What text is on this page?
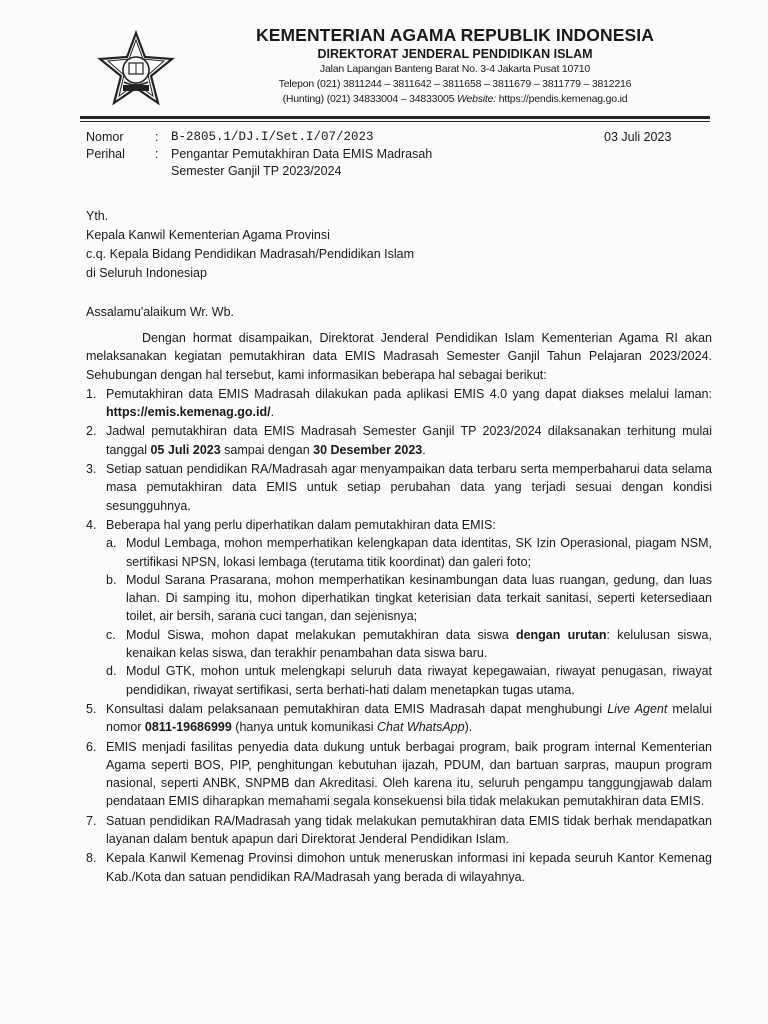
KEMENTERIAN AGAMA REPUBLIK INDONESIA
DIREKTORAT JENDERAL PENDIDIKAN ISLAM
Jalan Lapangan Banteng Barat No. 3-4 Jakarta Pusat 10710
Telepon (021) 3811244 – 3811642 – 3811658 – 3811679 – 3811779 – 3812216
(Hunting) (021) 34833004 – 34833005 Website: https://pendis.kemenag.go.id
Nomor	:	B-2805.1/DJ.I/Set.I/07/2023
Perihal	:	Pengantar Pemutakhiran Data EMIS Madrasah
Semester Ganjil TP 2023/2024
03 Juli 2023

Yth.

Kepala Kanwil Kementerian Agama Provinsi

c.q. Kepala Bidang Pendidikan Madrasah/Pendidikan Islam

di Seluruh Indonesiap

Assalamu'alaikum Wr. Wb.

Dengan hormat disampaikan, Direktorat Jenderal Pendidikan Islam Kementerian Agama RI akan melaksanakan kegiatan pemutakhiran data EMIS Madrasah Semester Ganjil Tahun Pelajaran 2023/2024. Sehubungan dengan hal tersebut, kami informasikan beberapa hal sebagai berikut:

1. Pemutakhiran data EMIS Madrasah dilakukan pada aplikasi EMIS 4.0 yang dapat diakses melalui laman: https://emis.kemenag.go.id/.
2. Jadwal pemutakhiran data EMIS Madrasah Semester Ganjil TP 2023/2024 dilaksanakan terhitung mulai tanggal 05 Juli 2023 sampai dengan 30 Desember 2023.
3. Setiap satuan pendidikan RA/Madrasah agar menyampaikan data terbaru serta memperbaharui data selama masa pemutakhiran data EMIS untuk setiap perubahan data yang terjadi sesuai dengan kondisi sesungguhnya.
4. Beberapa hal yang perlu diperhatikan dalam pemutakhiran data EMIS:
a. Modul Lembaga, mohon memperhatikan kelengkapan data identitas, SK Izin Operasional, piagam NSM, sertifikasi NPSN, lokasi lembaga (terutama titik koordinat) dan galeri foto;
b. Modul Sarana Prasarana, mohon memperhatikan kesinambungan data luas ruangan, gedung, dan luas lahan. Di samping itu, mohon diperhatikan tingkat keterisian data terkait sanitasi, seperti ketersediaan toilet, air bersih, sarana cuci tangan, dan sejenisnya;
c. Modul Siswa, mohon dapat melakukan pemutakhiran data siswa dengan urutan: kelulusan siswa, kenaikan kelas siswa, dan terakhir penambahan data siswa baru.
d. Modul GTK, mohon untuk melengkapi seluruh data riwayat kepegawaian, riwayat penugasan, riwayat pendidikan, riwayat sertifikasi, serta berhati-hati dalam menetapkan tugas utama.
5. Konsultasi dalam pelaksanaan pemutakhiran data EMIS Madrasah dapat menghubungi Live Agent melalui nomor 0811-19686999 (hanya untuk komunikasi Chat WhatsApp).
6. EMIS menjadi fasilitas penyedia data dukung untuk berbagai program, baik program internal Kementerian Agama seperti BOS, PIP, penghitungan kebutuhan ijazah, PDUM, dan bartuan sarpras, maupun program nasional, seperti ANBK, SNPMB dan Akreditasi. Oleh karena itu, seluruh pengampu tanggungjawab dalam pendataan EMIS diharapkan memahami segala konsekuensi bila tidak melakukan pemutakhiran data EMIS.
7. Satuan pendidikan RA/Madrasah yang tidak melakukan pemutakhiran data EMIS tidak berhak mendapatkan layanan dalam bentuk apapun dari Direktorat Jenderal Pendidikan Islam.
8. Kepala Kanwil Kemenag Provinsi dimohon untuk meneruskan informasi ini kepada seuruh Kantor Kemenag Kab./Kota dan satuan pendidikan RA/Madrasah yang berada di wilayahnya.
